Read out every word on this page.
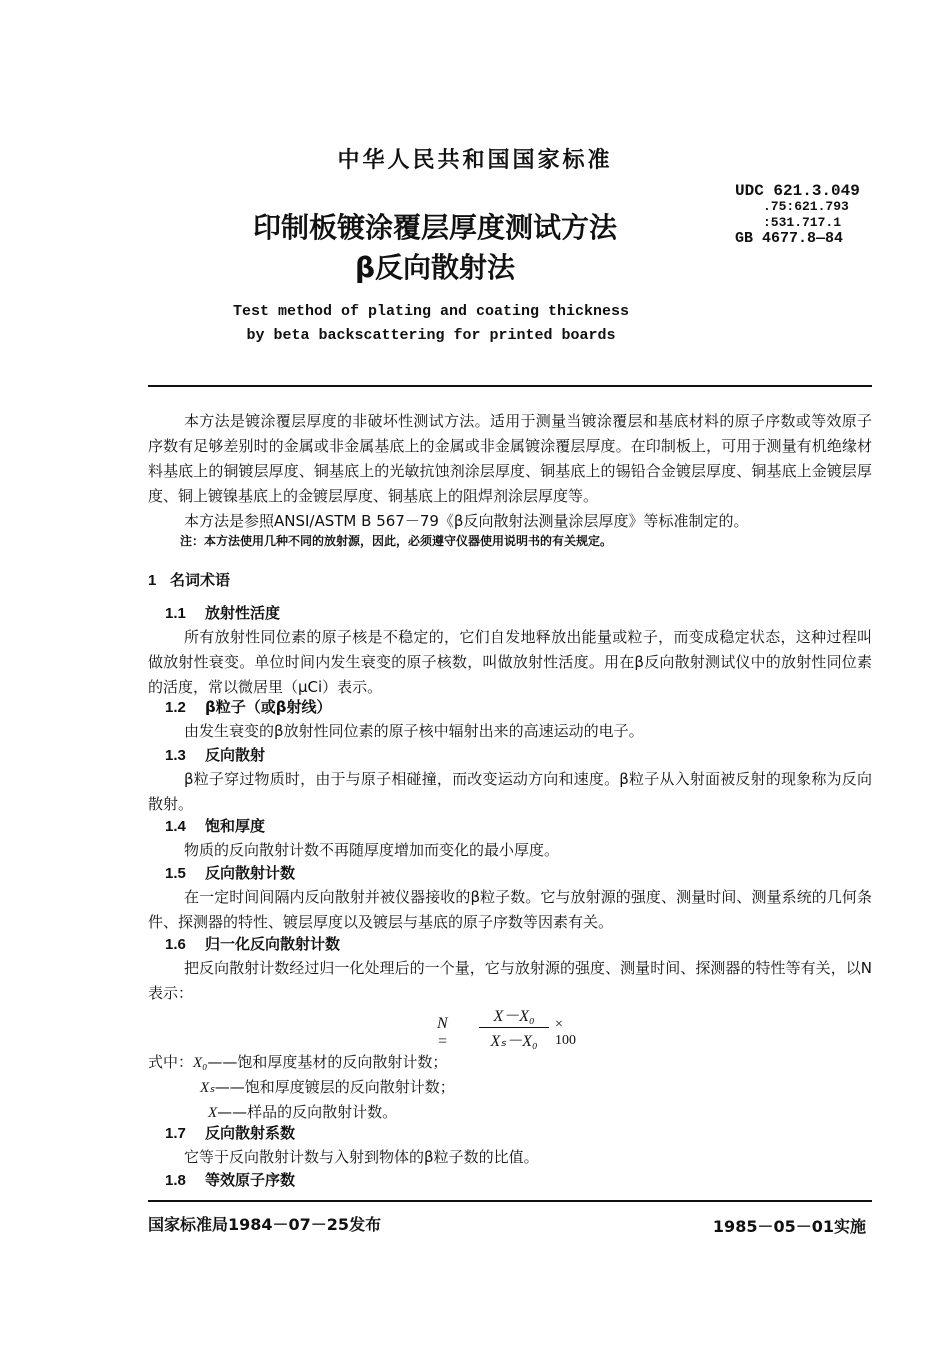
中华人民共和国国家标准
UDC 621.3.049
.75:621.793
:531.717.1
GB 4677.8—84
印制板镀涂覆层厚度测试方法
β反向散射法
Test method of plating and coating thickness
by beta backscattering for printed boards
本方法是镀涂覆层厚度的非破坏性测试方法。适用于测量当镀涂覆层和基底材料的原子序数或等效原子序数有足够差别时的金属或非金属基底上的金属或非金属镀涂覆层厚度。在印制板上，可用于测量有机绝缘材料基底上的铜镀层厚度、铜基底上的光敏抗蚀剂涂层厚度、铜基底上的锡铅合金镀层厚度、铜基底上金镀层厚度、铜上镀镍基底上的金镀层厚度、铜基底上的阻焊剂涂层厚度等。
本方法是参照ANSI/ASTM B 567－79《β反向散射法测量涂层厚度》等标准制定的。
注：本方法使用几种不同的放射源，因此，必须遵守仪器使用说明书的有关规定。
1 名词术语
1.1 放射性活度
所有放射性同位素的原子核是不稳定的，它们自发地释放出能量或粒子，而变成稳定状态，这种过程叫做放射性衰变。单位时间内发生衰变的原子核数，叫做放射性活度。用在β反向散射测试仪中的放射性同位素的活度，常以微居里（μCi）表示。
1.2 β粒子（或β射线）
由发生衰变的β放射性同位素的原子核中辐射出来的高速运动的电子。
1.3 反向散射
β粒子穿过物质时，由于与原子相碰撞，而改变运动方向和速度。β粒子从入射面被反射的现象称为反向散射。
1.4 饱和厚度
物质的反向散射计数不再随厚度增加而变化的最小厚度。
1.5 反向散射计数
在一定时间间隔内反向散射并被仪器接收的β粒子数。它与放射源的强度、测量时间、测量系统的几何条件、探测器的特性、镀层厚度以及镀层与基底的原子序数等因素有关。
1.6 归一化反向散射计数
把反向散射计数经过归一化处理后的一个量，它与放射源的强度、测量时间、探测器的特性等有关，以N表示：
$N = \frac{\text{X－X₀}}{\text{Xₛ－X₀}} \times 100$
式中：X₀——饱和厚度基材的反向散射计数；
Xₛ——饱和厚度镀层的反向散射计数；
X——样品的反向散射计数。
1.7 反向散射系数
它等于反向散射计数与入射到物体的β粒子数的比值。
1.8 等效原子序数
国家标准局1984－07－25发布	1985－05－01实施
